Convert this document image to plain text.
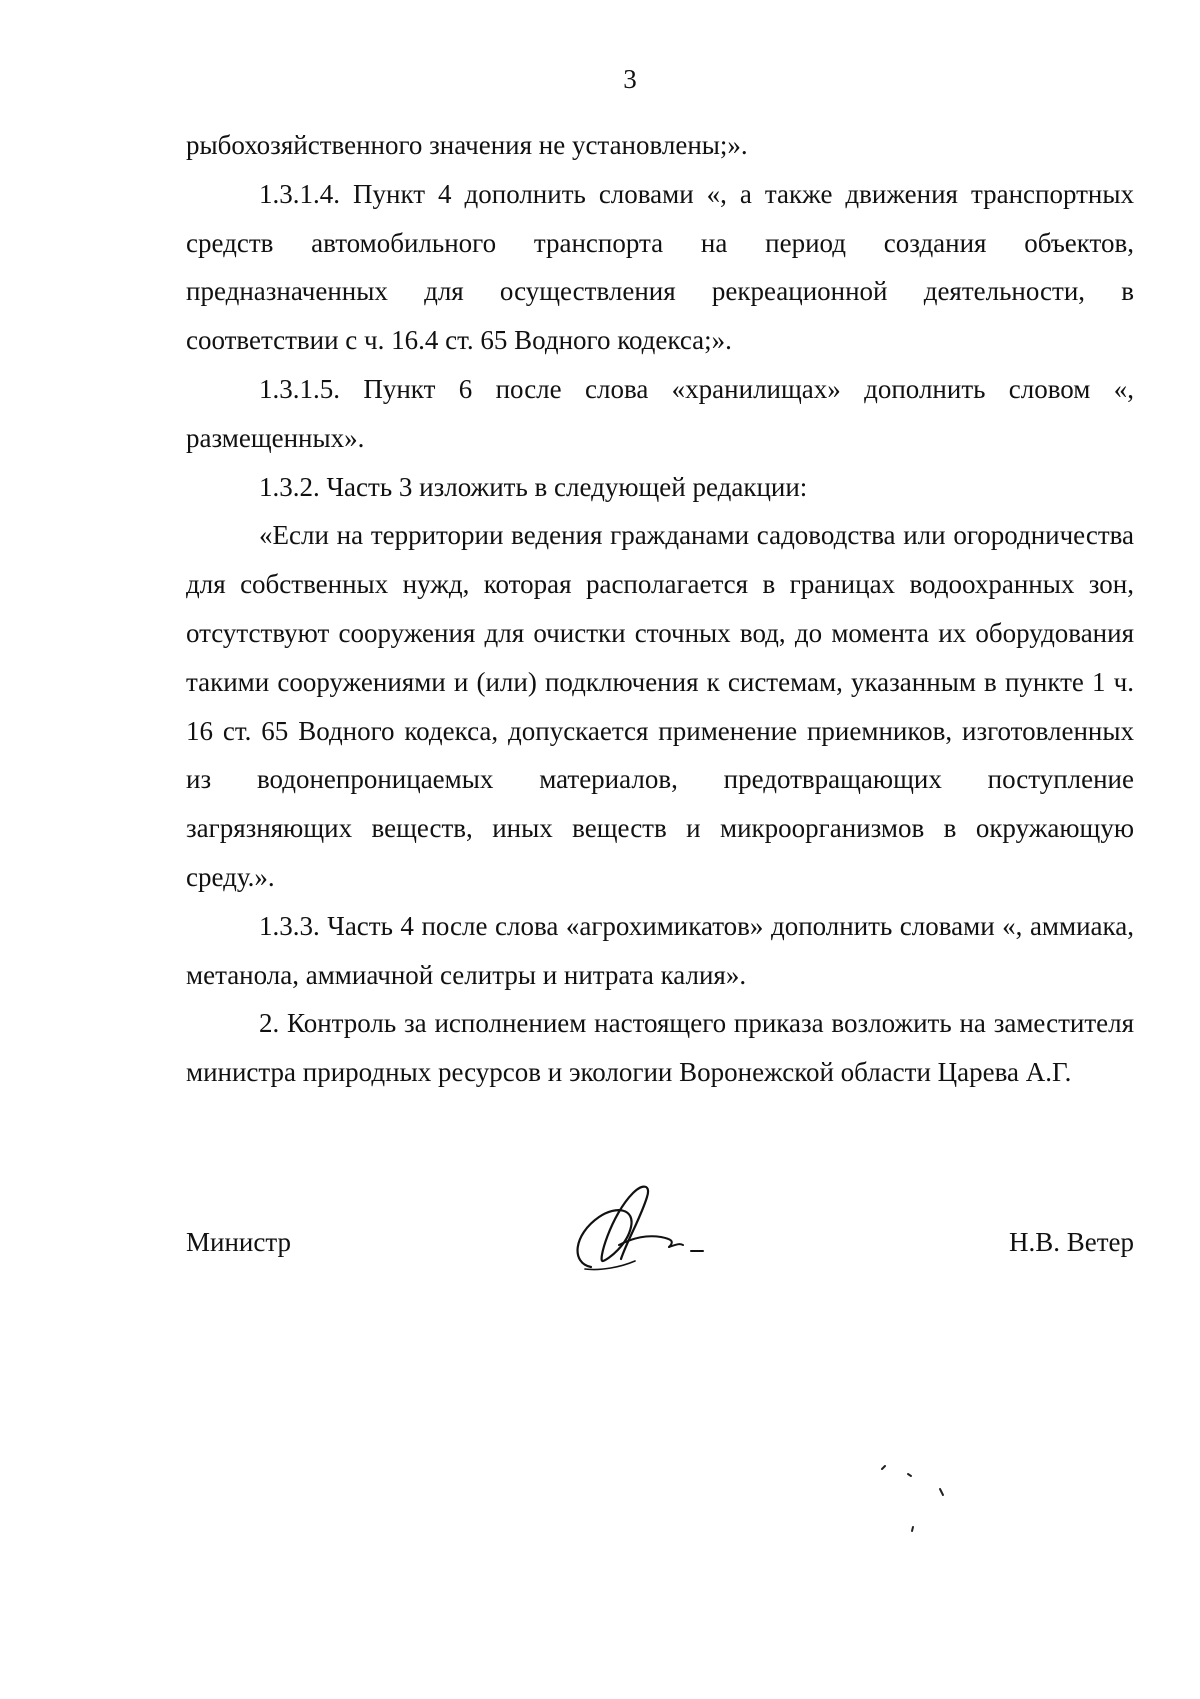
3

рыбохозяйственного значения не установлены;».

1.3.1.4. Пункт 4 дополнить словами «, а также движения транспортных средств автомобильного транспорта на период создания объектов, предназначенных для осуществления рекреационной деятельности, в соответствии с ч. 16.4 ст. 65 Водного кодекса;».

1.3.1.5. Пункт 6 после слова «хранилищах» дополнить словом «, размещенных».

1.3.2. Часть 3 изложить в следующей редакции:

«Если на территории ведения гражданами садоводства или огородничества для собственных нужд, которая располагается в границах водоохранных зон, отсутствуют сооружения для очистки сточных вод, до момента их оборудования такими сооружениями и (или) подключения к системам, указанным в пункте 1 ч. 16 ст. 65 Водного кодекса, допускается применение приемников, изготовленных из водонепроницаемых материалов, предотвращающих поступление загрязняющих веществ, иных веществ и микроорганизмов в окружающую среду.».

1.3.3. Часть 4 после слова «агрохимикатов» дополнить словами «, аммиака, метанола, аммиачной селитры и нитрата калия».

2. Контроль за исполнением настоящего приказа возложить на заместителя министра природных ресурсов и экологии Воронежской области Царева А.Г.

Министр	Н.В. Ветер
